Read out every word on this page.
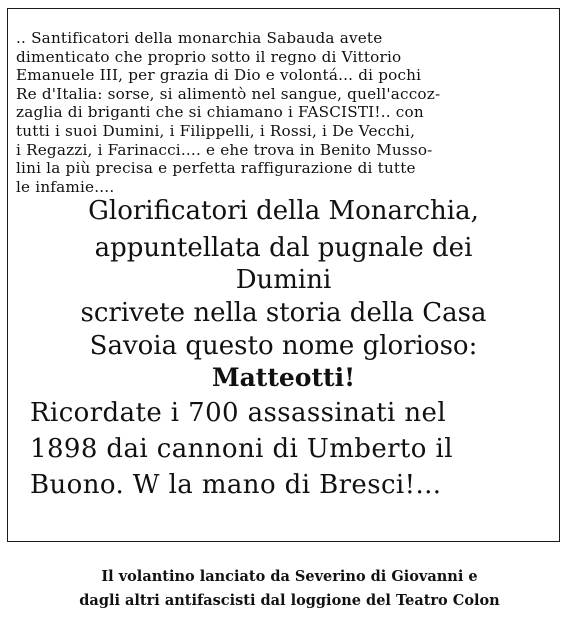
.. Santificatori della monarchia Sabauda avete
dimenticato che proprio sotto il regno di Vittorio
Emanuele III, per grazia di Dio e volontá... di pochi
Re d'Italia: sorse, si alimentò nel sangue, quell'accoz-
zaglia di briganti che si chiamano i FASCISTI!.. con
tutti i suoi Dumini, i Filippelli, i Rossi, i De Vecchi,
i Regazzi, i Farinacci.... e ehe trova in Benito Musso-
lini la più precisa e perfetta raffigurazione di tutte
le infamie....
Glorificatori della Monarchia,
appuntellata dal pugnale dei
Dumini
scrivete nella storia della Casa
Savoia questo nome glorioso:
Matteotti!
Ricordate i 700 assassinati nel
1898 dai cannoni di Umberto il
Buono. W la mano di Bresci!...
Il volantino lanciato da Severino di Giovanni e
dagli altri antifascisti dal loggione del Teatro Colon
